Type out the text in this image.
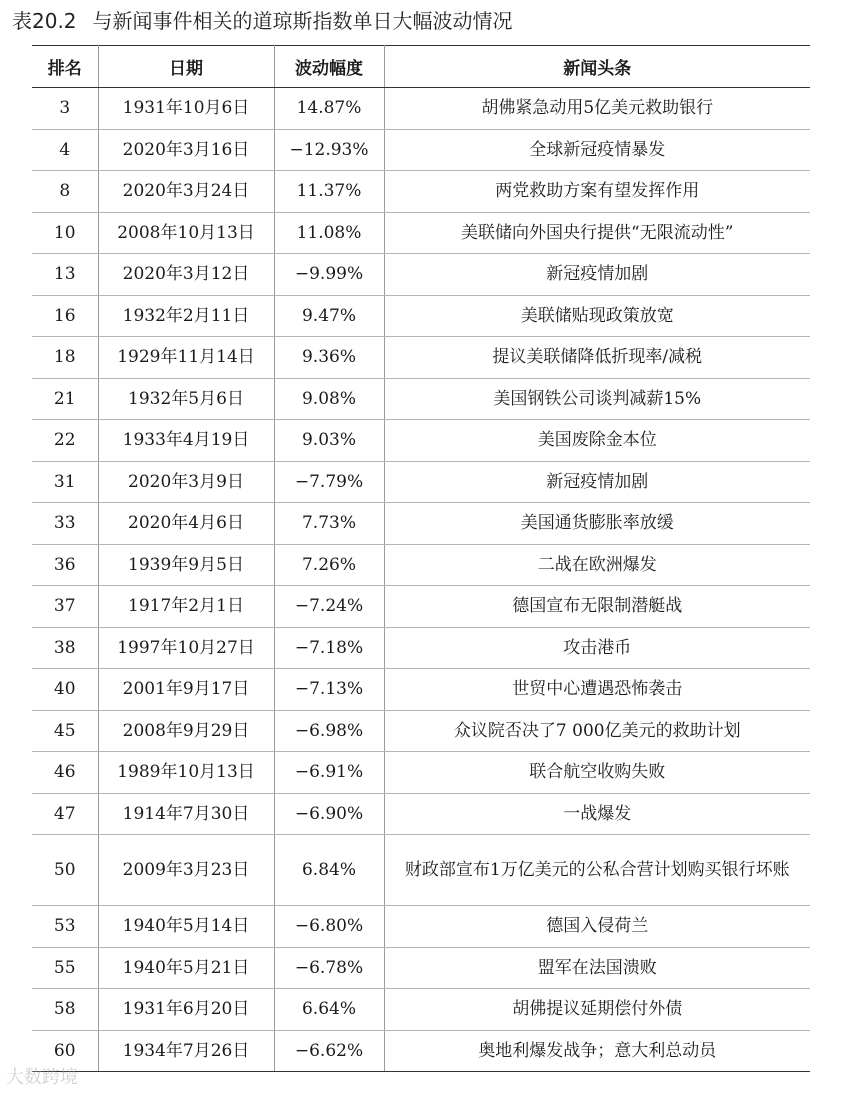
表20.2 与新闻事件相关的道琼斯指数单日大幅波动情况
排名	日期	波动幅度	新闻头条
3	1931年10月6日	14.87%	胡佛紧急动用5亿美元救助银行
4	2020年3月16日	−12.93%	全球新冠疫情暴发
8	2020年3月24日	11.37%	两党救助方案有望发挥作用
10	2008年10月13日	11.08%	美联储向外国央行提供“无限流动性”
13	2020年3月12日	−9.99%	新冠疫情加剧
16	1932年2月11日	9.47%	美联储贴现政策放宽
18	1929年11月14日	9.36%	提议美联储降低折现率/减税
21	1932年5月6日	9.08%	美国钢铁公司谈判减薪15%
22	1933年4月19日	9.03%	美国废除金本位
31	2020年3月9日	−7.79%	新冠疫情加剧
33	2020年4月6日	7.73%	美国通货膨胀率放缓
36	1939年9月5日	7.26%	二战在欧洲爆发
37	1917年2月1日	−7.24%	德国宣布无限制潜艇战
38	1997年10月27日	−7.18%	攻击港币
40	2001年9月17日	−7.13%	世贸中心遭遇恐怖袭击
45	2008年9月29日	−6.98%	众议院否决了7 000亿美元的救助计划
46	1989年10月13日	−6.91%	联合航空收购失败
47	1914年7月30日	−6.90%	一战爆发
50	2009年3月23日	6.84%	财政部宣布1万亿美元的公私合营计划购买银行坏账
53	1940年5月14日	−6.80%	德国入侵荷兰
55	1940年5月21日	−6.78%	盟军在法国溃败
58	1931年6月20日	6.64%	胡佛提议延期偿付外债
60	1934年7月26日	−6.62%	奥地利爆发战争；意大利总动员
大数跨境
